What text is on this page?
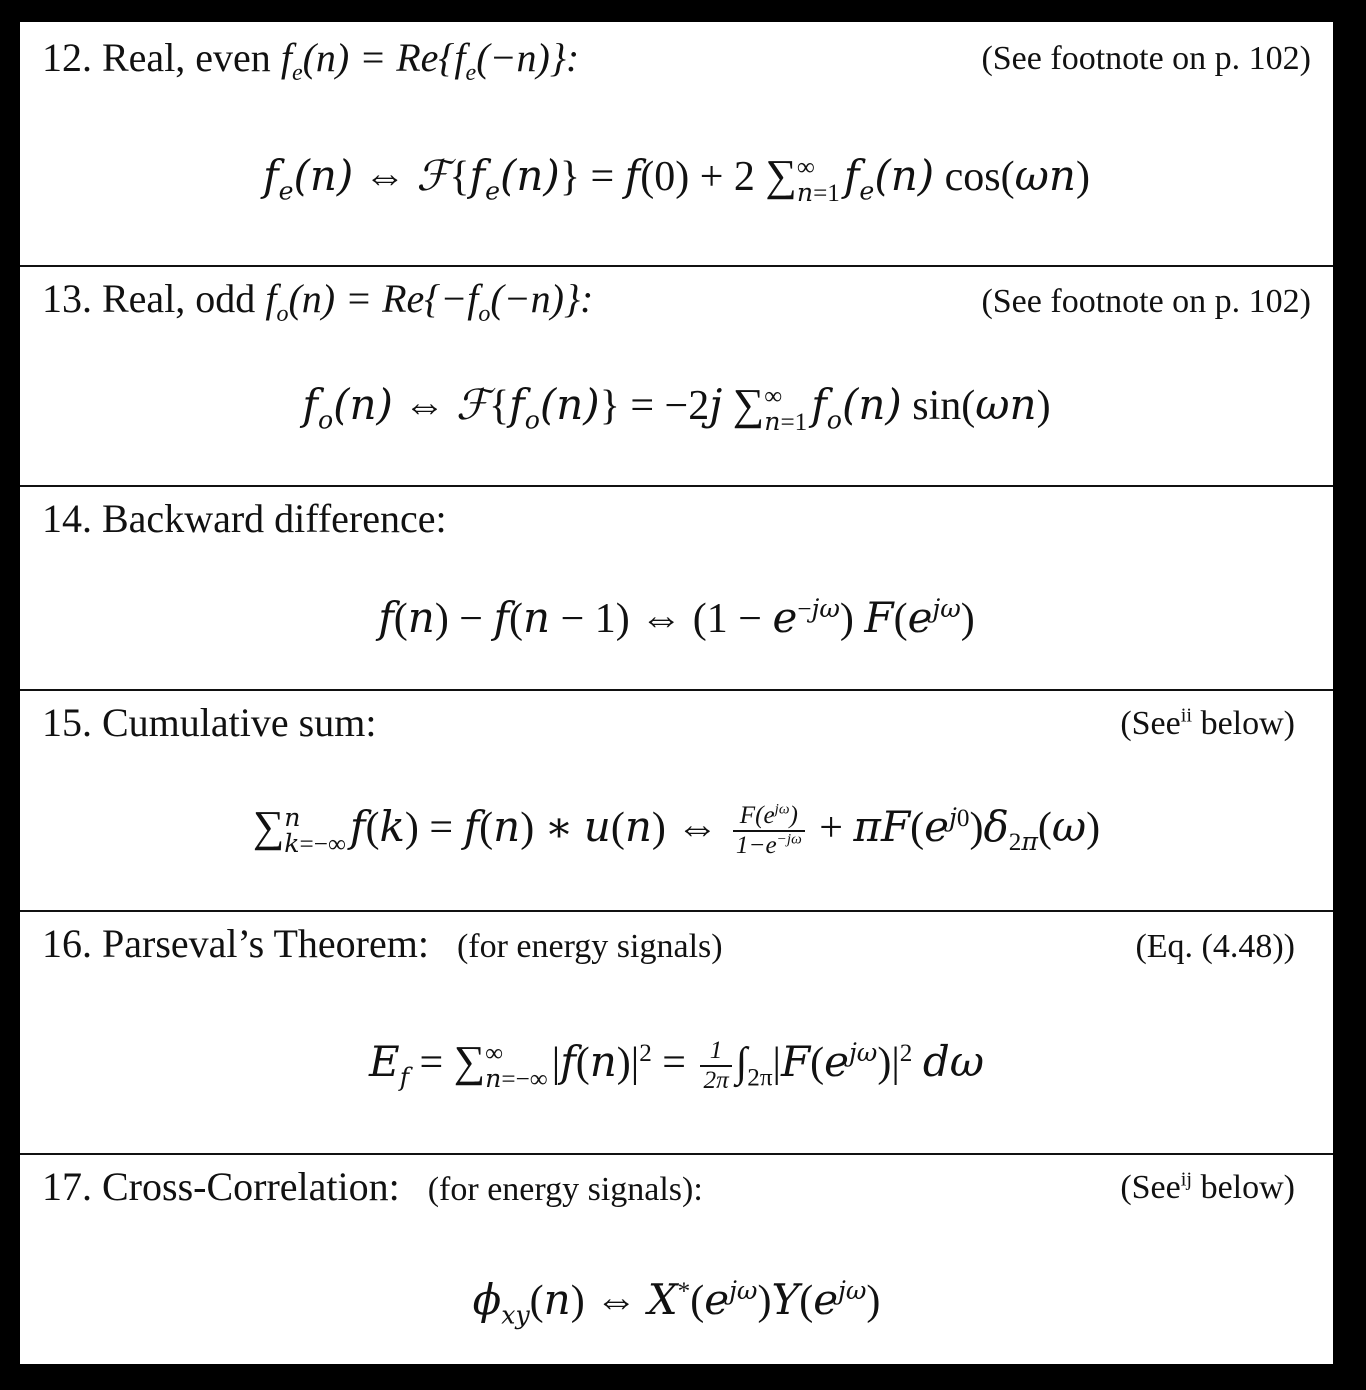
12. Real, even $f_e(n) = Re\{f_e(-n)\}$:	(See footnote on p. 102)
$f_e(n)$ ⇔ $ℱ\{f_e(n)\} = f(0) + 2$ ∑ ∞
n=1 $f_e(n)$ cos(ωn)
13. Real, odd $f_o(n) = Re\{-f_o(-n)\}$:	(See footnote on p. 102)
$f_o(n)$ ⇔ $ℱ\{f_o(n)\} = -2j$ ∑ ∞
n=1 $f_o(n)$ sin(ωn)
14. Backward difference:
f(n) − f(n − 1) ⇔ $(1 - e^{-j\omega})$ $F(e^{j\omega})$
15. Cumulative sum:	(See$^{ii}$ below)
∑ n
k=−∞ f(k) = f(n) ∗ u(n) ⇔ $\frac{F(e^{j\omega})}{1-e^{-j\omega}} + \pi F(e^{j0})\delta_{2\pi}(\omega)$
16. Parseval’s Theorem: (for energy signals)	(Eq. (4.48))
$E_f$ = ∑ ∞
n=−∞ $|f(n)|^2 = \frac{1}{2\pi} \int_{2\pi}|F(e^{j\omega})|^2$ dω
17. Cross-Correlation: (for energy signals):	(See$^{ij}$ below)
$\phi_{xy}(n)$ ⇔ $X^*(e^{j\omega})Y(e^{j\omega})$
